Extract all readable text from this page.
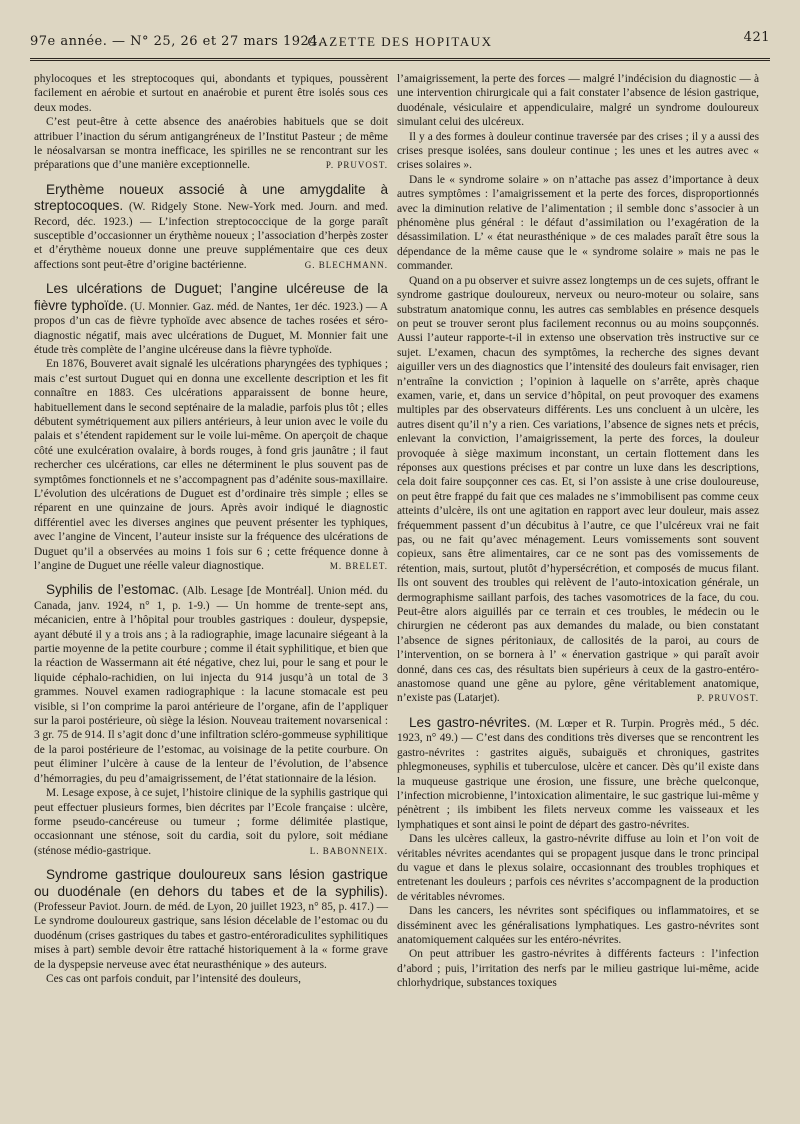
97e année. — N° 25, 26 et 27 mars 1924.
GAZETTE DES HOPITAUX	421

phylocoques et les streptocoques qui, abondants et typiques, poussèrent facilement en aérobie et surtout en anaérobie et purent être isolés sous ces deux modes.

C’est peut-être à cette absence des anaérobies habituels que se doit attribuer l’inaction du sérum antigangréneux de l’Institut Pasteur ; de même le néosalvarsan se montra inefficace, les spirilles ne se rencontrant sur les préparations que d’une manière exceptionnelle.	P. PRUVOST.

Erythème noueux associé à une amygdalite à streptocoques. (W. Ridgely Stone. New-York med. Journ. and med. Record, déc. 1923.) — L’infection streptococcique de la gorge paraît susceptible d’occasionner un érythème noueux ; l’association d’herpès zoster et d’érythème noueux donne une preuve supplémentaire que ces deux affections sont peut-être d’origine bactérienne.	G. BLECHMANN.

Les ulcérations de Duguet; l’angine ulcéreuse de la fièvre typhoïde. (U. Monnier. Gaz. méd. de Nantes, 1er déc. 1923.) — A propos d’un cas de fièvre typhoïde avec absence de taches rosées et séro-diagnostic négatif, mais avec ulcérations de Duguet, M. Monnier fait une étude très complète de l’angine ulcéreuse dans la fièvre typhoïde.

En 1876, Bouveret avait signalé les ulcérations pharyngées des typhiques ; mais c’est surtout Duguet qui en donna une excellente description et les fit connaître en 1883. Ces ulcérations apparaissent de bonne heure, habituellement dans le second septénaire de la maladie, parfois plus tôt ; elles débutent symétriquement aux piliers antérieurs, à leur union avec le voile du palais et s’étendent rapidement sur le voile lui-même. On aperçoit de chaque côté une exulcération ovalaire, à bords rouges, à fond gris jaunâtre ; il faut rechercher ces ulcérations, car elles ne déterminent le plus souvent pas de symptômes fonctionnels et ne s’accompagnent pas d’adénite sous-maxillaire. L’évolution des ulcérations de Duguet est d’ordinaire très simple ; elles se réparent en une quinzaine de jours. Après avoir indiqué le diagnostic différentiel avec les diverses angines que peuvent présenter les typhiques, avec l’angine de Vincent, l’auteur insiste sur la fréquence des ulcérations de Duguet qu’il a observées au moins 1 fois sur 6 ; cette fréquence donne à l’angine de Duguet une réelle valeur diagnostique.	M. BRELET.

Syphilis de l’estomac. (Alb. Lesage [de Montréal]. Union méd. du Canada, janv. 1924, n° 1, p. 1-9.) — Un homme de trente-sept ans, mécanicien, entre à l’hôpital pour troubles gastriques : douleur, dyspepsie, ayant débuté il y a trois ans ; à la radiographie, image lacunaire siégeant à la partie moyenne de la petite courbure ; comme il était syphilitique, et bien que la réaction de Wassermann ait été négative, chez lui, pour le sang et pour le liquide céphalo-rachidien, on lui injecta du 914 jusqu’à un total de 3 grammes. Nouvel examen radiographique : la lacune stomacale est peu visible, si l’on comprime la paroi antérieure de l’organe, afin de l’appliquer sur la paroi postérieure, où siège la lésion. Nouveau traitement novarsenical : 3 gr. 75 de 914. Il s’agit donc d’une infiltration scléro-gommeuse syphilitique de la paroi postérieure de l’estomac, au voisinage de la petite courbure. On peut éliminer l’ulcère à cause de la lenteur de l’évolution, de l’absence d’hémorragies, du peu d’amaigrissement, de l’état stationnaire de la lésion.

M. Lesage expose, à ce sujet, l’histoire clinique de la syphilis gastrique qui peut effectuer plusieurs formes, bien décrites par l’Ecole française : ulcère, forme pseudo-cancéreuse ou tumeur ; forme délimitée plastique, occasionnant une sténose, soit du cardia, soit du pylore, soit médiane (sténose médio-gastrique.	L. BABONNEIX.

Syndrome gastrique douloureux sans lésion gastrique ou duodénale (en dehors du tabes et de la syphilis). (Professeur Paviot. Journ. de méd. de Lyon, 20 juillet 1923, n° 85, p. 417.) — Le syndrome douloureux gastrique, sans lésion décelable de l’estomac ou du duodénum (crises gastriques du tabes et gastro-entéroradiculites syphilitiques mises à part) semble devoir être rattaché historiquement à la « forme grave de la dyspepsie nerveuse avec état neurasthénique » des auteurs.

Ces cas ont parfois conduit, par l’intensité des douleurs,

l’amaigrissement, la perte des forces — malgré l’indécision du diagnostic — à une intervention chirurgicale qui a fait constater l’absence de lésion gastrique, duodénale, vésiculaire et appendiculaire, malgré un syndrome douloureux simulant celui des ulcéreux.

Il y a des formes à douleur continue traversée par des crises ; il y a aussi des crises presque isolées, sans douleur continue ; les unes et les autres avec « crises solaires ».

Dans le « syndrome solaire » on n’attache pas assez d’importance à deux autres symptômes : l’amaigrissement et la perte des forces, disproportionnés avec la diminution relative de l’alimentation ; il semble donc s’associer à un phénomène plus général : le défaut d’assimilation ou l’exagération de la désassimilation. L’ « état neurasthénique » de ces malades paraît être sous la dépendance de la même cause que le « syndrome solaire » mais ne pas le commander.

Quand on a pu observer et suivre assez longtemps un de ces sujets, offrant le syndrome gastrique douloureux, nerveux ou neuro-moteur ou solaire, sans substratum anatomique connu, les autres cas semblables en présence desquels on peut se trouver seront plus facilement reconnus ou au moins soupçonnés. Aussi l’auteur rapporte-t-il in extenso une observation très instructive sur ce sujet. L’examen, chacun des symptômes, la recherche des signes devant aiguiller vers un des diagnostics que l’intensité des douleurs fait envisager, rien n’entraîne la conviction ; l’opinion à laquelle on s’arrête, après chaque examen, varie, et, dans un service d’hôpital, on peut provoquer des examens multiples par des observateurs différents. Les uns concluent à un ulcère, les autres disent qu’il n’y a rien. Ces variations, l’absence de signes nets et précis, enlevant la conviction, l’amaigrissement, la perte des forces, la douleur provoquée à siège maximum inconstant, un certain flottement dans les réponses aux questions précises et par contre un luxe dans les descriptions, cela doit faire soupçonner ces cas. Et, si l’on assiste à une crise douloureuse, on peut être frappé du fait que ces malades ne s’immobilisent pas comme ceux atteints d’ulcère, ils ont une agitation en rapport avec leur douleur, mais assez fréquemment passent d’un décubitus à l’autre, ce que l’ulcéreux vrai ne fait pas, ou ne fait qu’avec ménagement. Leurs vomissements sont souvent copieux, sans être alimentaires, car ce ne sont pas des vomissements de rétention, mais, surtout, plutôt d’hypersécrétion, et composés de mucus filant. Ils ont souvent des troubles qui relèvent de l’auto-intoxication générale, un dermographisme saillant parfois, des taches vasomotrices de la face, du cou. Peut-être alors aiguillés par ce terrain et ces troubles, le médecin ou le chirurgien ne céderont pas aux demandes du malade, ou bien constatant l’absence de signes péritoniaux, de callosités de la paroi, au cours de l’intervention, on se bornera à l’ « énervation gastrique » qui paraît avoir donné, dans ces cas, des résultats bien supérieurs à ceux de la gastro-entéro-anastomose quand une gêne au pylore, gêne véritablement anatomique, n’existe pas (Latarjet).	P. PRUVOST.

Les gastro-névrites. (M. Lœper et R. Turpin. Progrès méd., 5 déc. 1923, n° 49.) — C’est dans des conditions très diverses que se rencontrent les gastro-névrites : gastrites aiguës, subaiguës et chroniques, gastrites phlegmoneuses, syphilis et tuberculose, ulcère et cancer. Dès qu’il existe dans la muqueuse gastrique une érosion, une fissure, une brèche quelconque, l’infection microbienne, l’intoxication alimentaire, le suc gastrique lui-même y pénètrent ; ils imbibent les filets nerveux comme les vaisseaux et les lymphatiques et sont ainsi le point de départ des gastro-névrites.

Dans les ulcères calleux, la gastro-névrite diffuse au loin et l’on voit de véritables névrites acendantes qui se propagent jusque dans le tronc principal du vague et dans le plexus solaire, occasionnant des troubles trophiques et entretenant les douleurs ; parfois ces névrites s’accompagnent de la production de véritables névromes.

Dans les cancers, les névrites sont spécifiques ou inflammatoires, et se disséminent avec les généralisations lymphatiques. Les gastro-névrites sont anatomiquement calquées sur les entéro-névrites.

On peut attribuer les gastro-névrites à différents facteurs : l’infection d’abord ; puis, l’irritation des nerfs par le milieu gastrique lui-même, acide chlorhydrique, substances toxiques
